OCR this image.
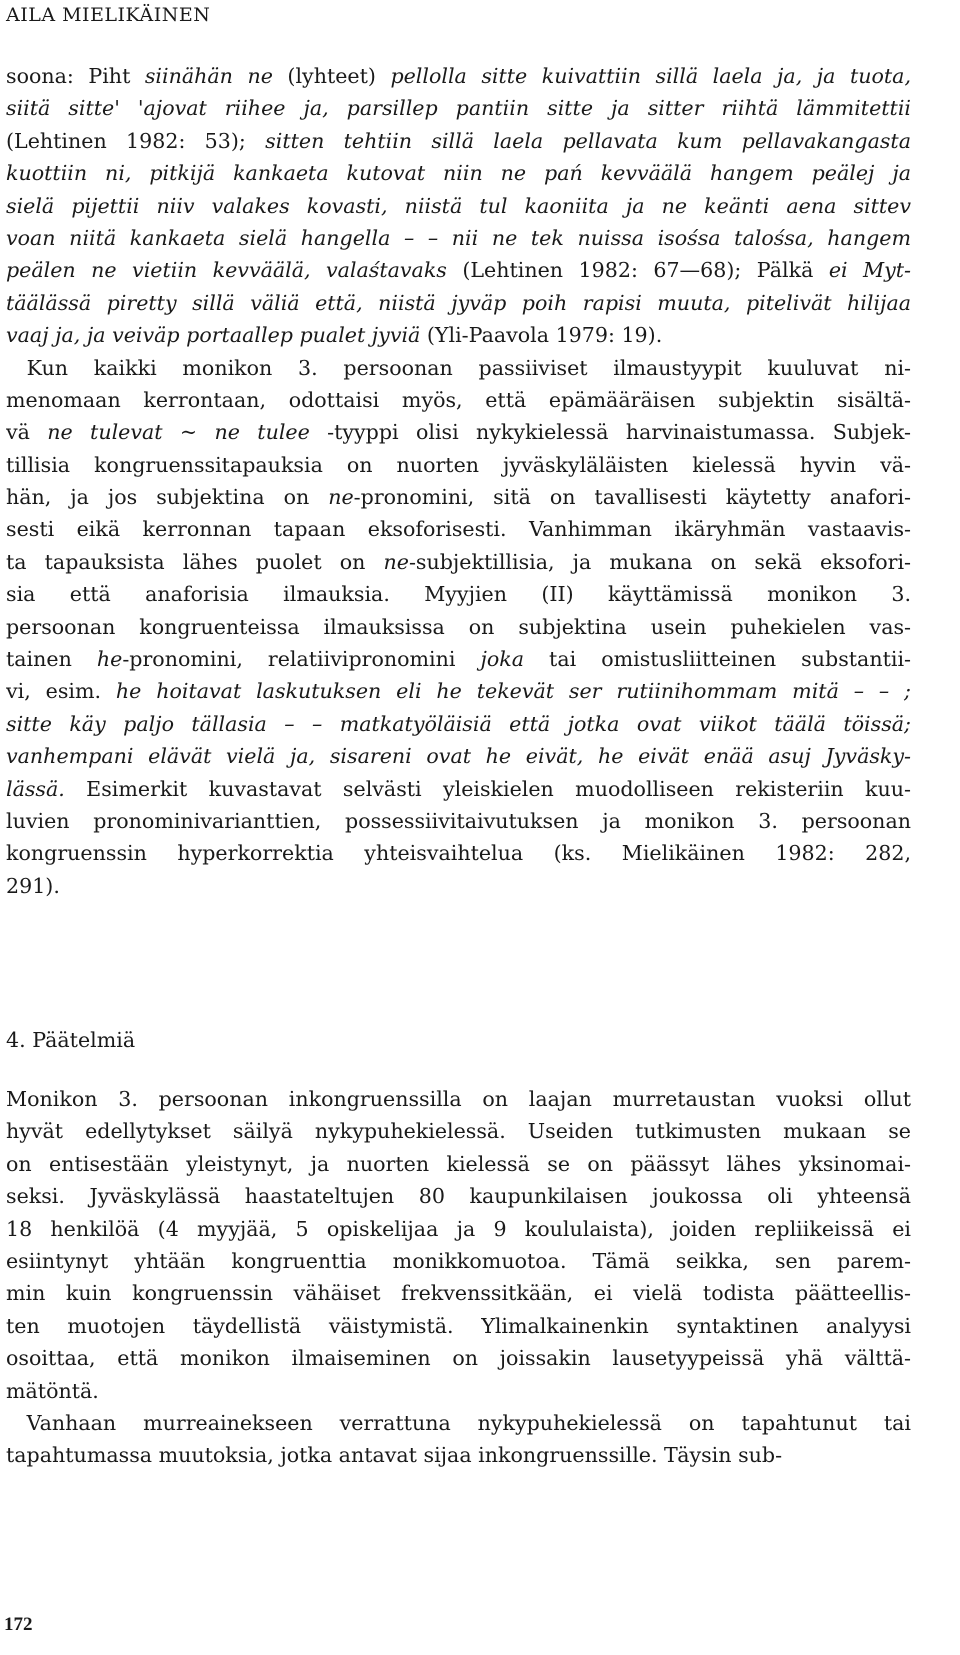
AILA MIELIKÄINEN
soona: Piht siinähän ne (lyhteet) pellolla sitte kuivattiin sillä laela ja, ja tuota,
siitä sitte' 'ajovat riihee ja, parsillep pantiin sitte ja sitter riihtä lämmitettii
(Lehtinen 1982: 53); sitten tehtiin sillä laela pellavata kum pellavakangasta
kuottiin ni, pitkijä kankaeta kutovat niin ne pań kevväälä hangem peälej ja
sielä pijettii niiv valakes kovasti, niistä tul kaoniita ja ne keänti aena sittev
voan niitä kankaeta sielä hangella – – nii ne tek nuissa isośsa talośsa, hangem
peälen ne vietiin kevväälä, valaśtavaks (Lehtinen 1982: 67—68); Pälkä ei Myt-
täälässä piretty sillä väliä että, niistä jyväp poih rapisi muuta, pitelivät hilijaa
vaaj ja, ja veiväp portaallep pualet jyviä (Yli-Paavola 1979: 19).
 Kun kaikki monikon 3. persoonan passiiviset ilmaustyypit kuuluvat ni-
menomaan kerrontaan, odottaisi myös, että epämääräisen subjektin sisältä-
vä ne tulevat ~ ne tulee -tyyppi olisi nykykielessä harvinaistumassa. Subjek-
tillisia kongruenssitapauksia on nuorten jyväskyläläisten kielessä hyvin vä-
hän, ja jos subjektina on ne-pronomini, sitä on tavallisesti käytetty anafori-
sesti eikä kerronnan tapaan eksoforisesti. Vanhimman ikäryhmän vastaavis-
ta tapauksista lähes puolet on ne-subjektillisia, ja mukana on sekä eksofori-
sia että anaforisia ilmauksia. Myyjien (II) käyttämissä monikon 3.
persoonan kongruenteissa ilmauksissa on subjektina usein puhekielen vas-
tainen he-pronomini, relatiivipronomini joka tai omistusliitteinen substantii-
vi, esim. he hoitavat laskutuksen eli he tekevät ser rutiinihommam mitä – – ;
sitte käy paljo tällasia – – matkatyöläisiä että jotka ovat viikot täälä töissä;
vanhempani elävät vielä ja, sisareni ovat he eivät, he eivät enää asuj Jyväsky-
lässä. Esimerkit kuvastavat selvästi yleiskielen muodolliseen rekisteriin kuu-
luvien pronominivarianttien, possessiivitaivutuksen ja monikon 3. persoonan
kongruenssin hyperkorrektia yhteisvaihtelua (ks. Mielikäinen 1982: 282,
291).
4. Päätelmiä
Monikon 3. persoonan inkongruenssilla on laajan murretaustan vuoksi ollut
hyvät edellytykset säilyä nykypuhekielessä. Useiden tutkimusten mukaan se
on entisestään yleistynyt, ja nuorten kielessä se on päässyt lähes yksinomai-
seksi. Jyväskylässä haastateltujen 80 kaupunkilaisen joukossa oli yhteensä
18 henkilöä (4 myyjää, 5 opiskelijaa ja 9 koululaista), joiden repliikeissä ei
esiintynyt yhtään kongruenttia monikkomuotoa. Tämä seikka, sen parem-
min kuin kongruenssin vähäiset frekvenssitkään, ei vielä todista päätteellis-
ten muotojen täydellistä väistymistä. Ylimalkainenkin syntaktinen analyysi
osoittaa, että monikon ilmaiseminen on joissakin lausetyypeissä yhä välttä-
mätöntä.
 Vanhaan murreainekseen verrattuna nykypuhekielessä on tapahtunut tai
tapahtumassa muutoksia, jotka antavat sijaa inkongruenssille. Täysin sub-
172
